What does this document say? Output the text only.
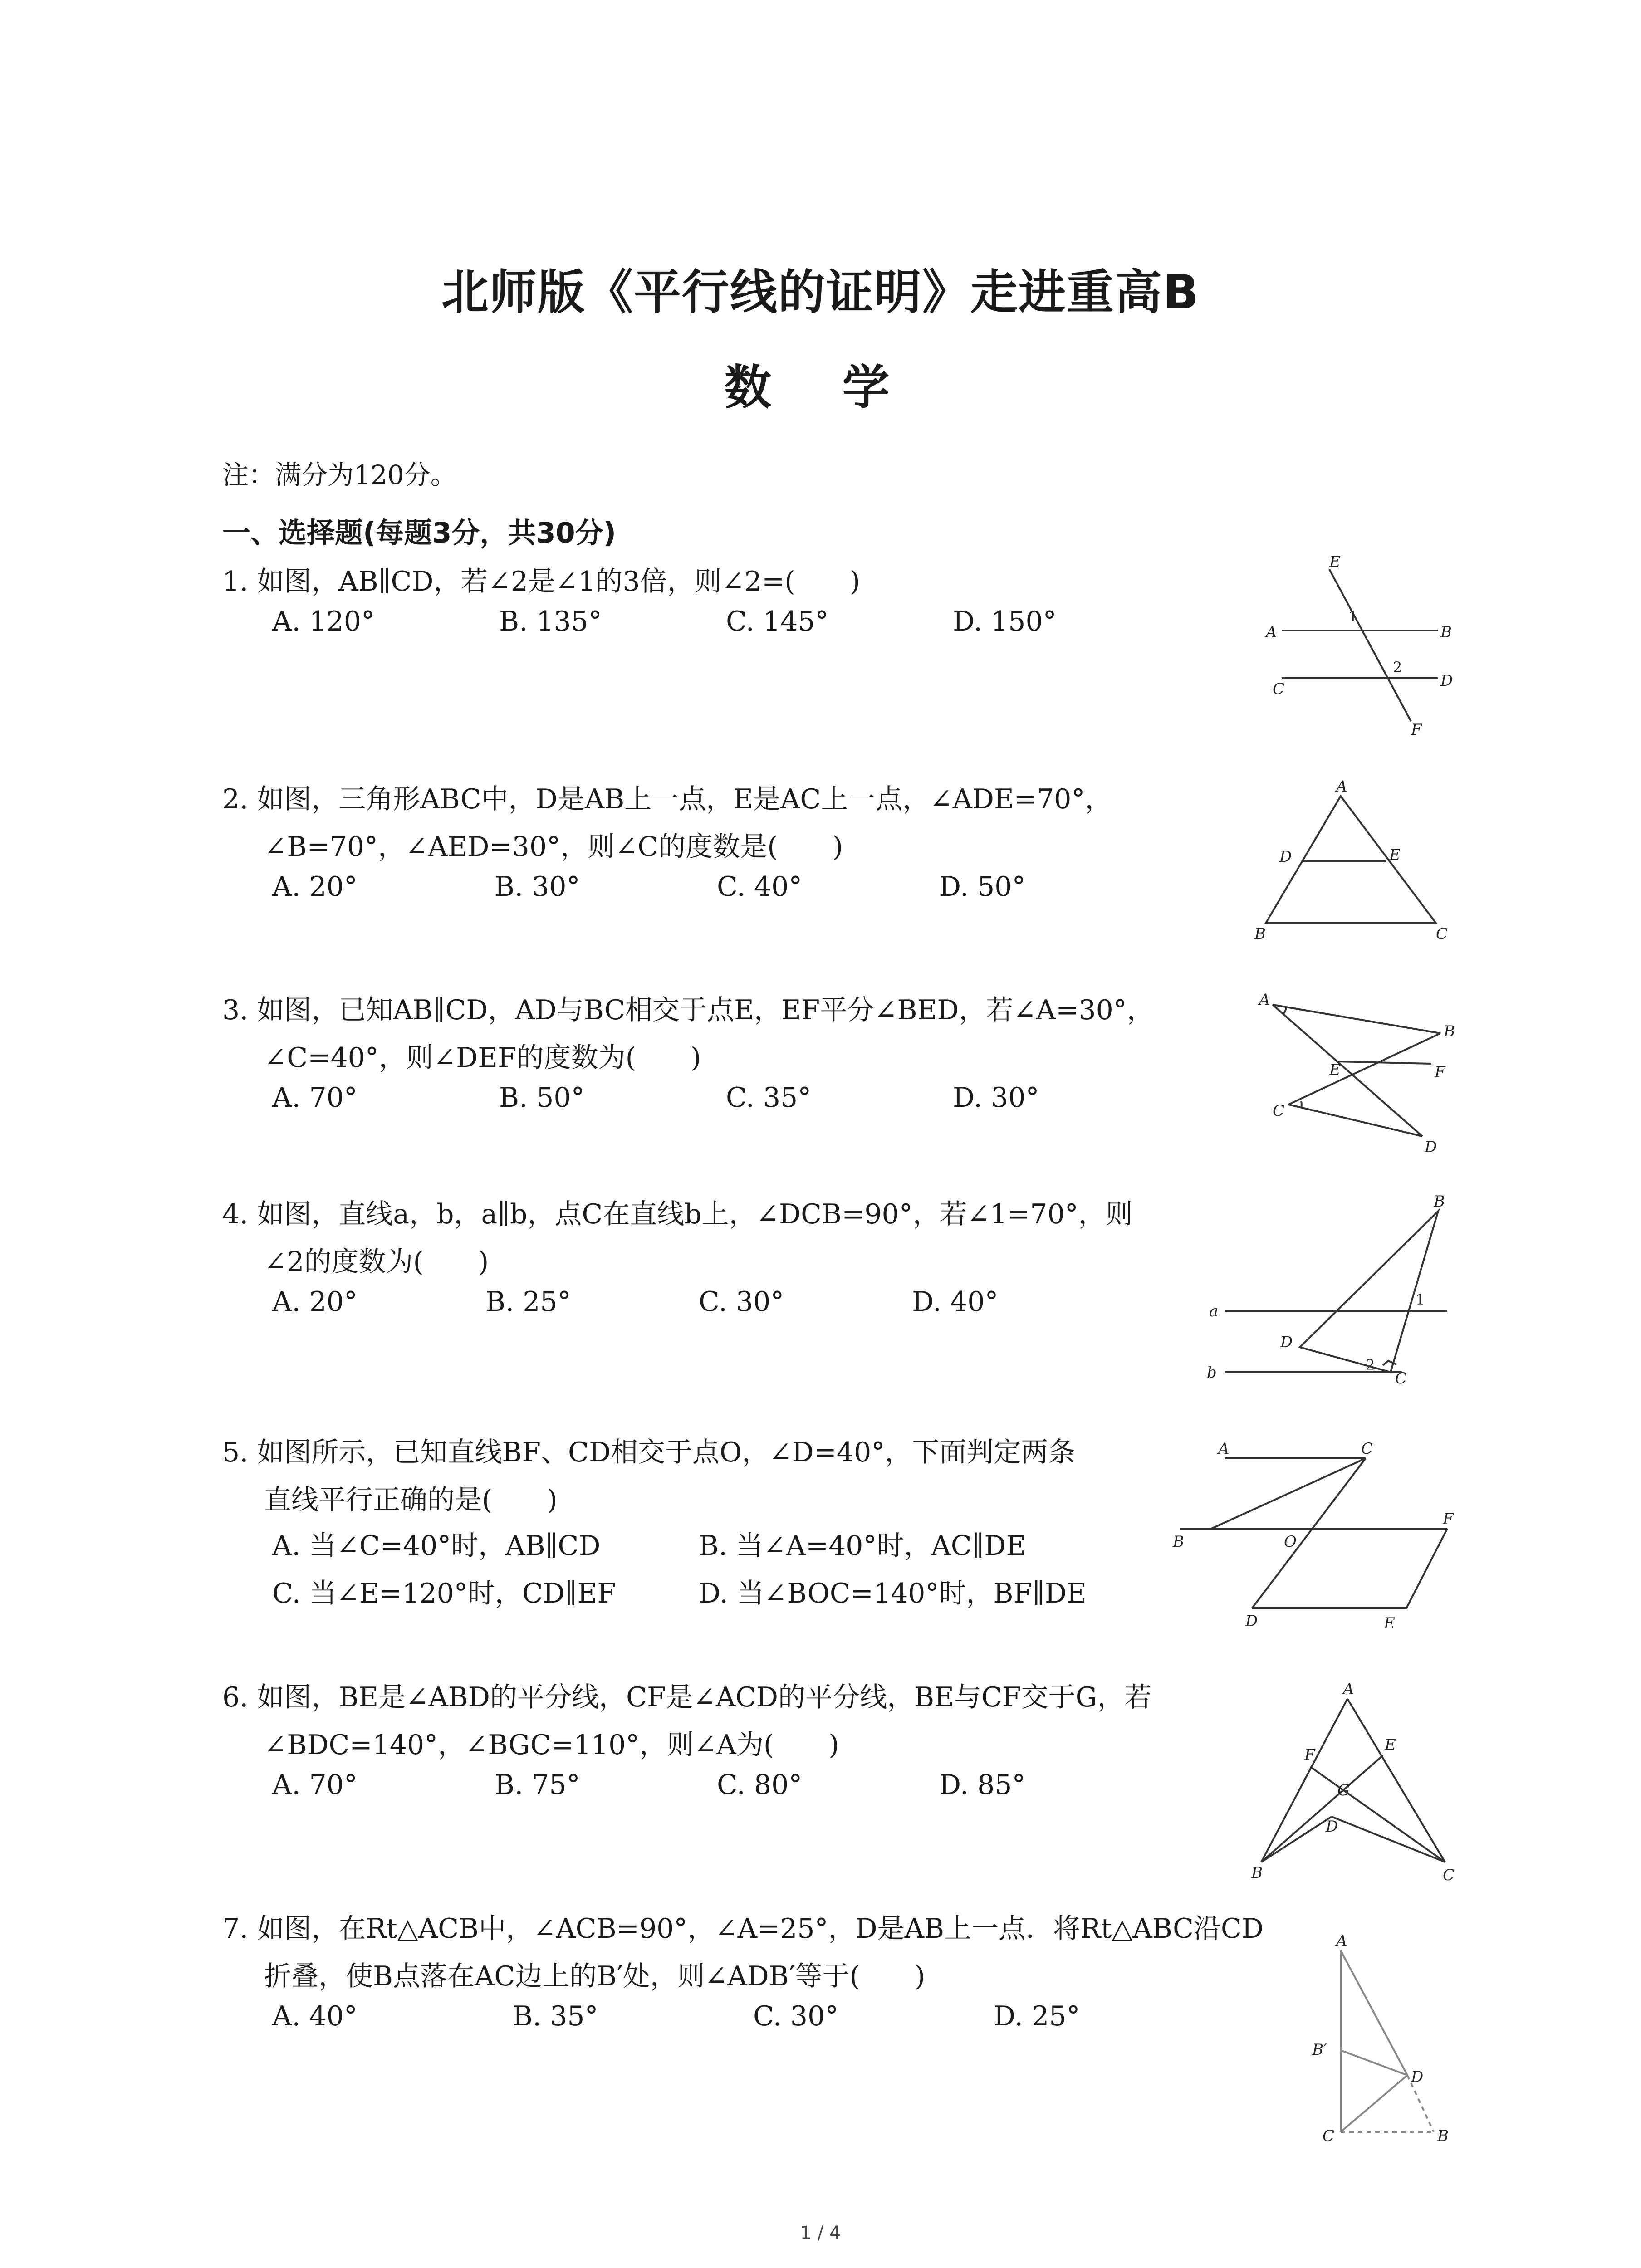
北师版《平行线的证明》走进重高B
数 学
注：满分为120分。
一、选择题(每题3分，共30分)
1. 如图，AB∥CD，若∠2是∠1的3倍，则∠2=(　　)
A. 120°	B. 135°	C. 145°	D. 150°
E
1
A	B
2
C	D
F
2. 如图，三角形ABC中，D是AB上一点，E是AC上一点，∠ADE=70°，
∠B=70°，∠AED=30°，则∠C的度数是(　　)
A. 20°	B. 30°	C. 40°	D. 50°
A
D	E
B	C
3. 如图，已知AB∥CD，AD与BC相交于点E，EF平分∠BED，若∠A=30°，
∠C=40°，则∠DEF的度数为(　　)
A. 70°	B. 50°	C. 35°	D. 30°
A
B
E	F
C
D
4. 如图，直线a，b，a∥b，点C在直线b上，∠DCB=90°，若∠1=70°，则
∠2的度数为(　　)
A. 20°	B. 25°	C. 30°	D. 40°
B
a
1
D
2
b	C
5. 如图所示，已知直线BF、CD相交于点O，∠D=40°，下面判定两条
直线平行正确的是(　　)
A. 当∠C=40°时，AB∥CD	B. 当∠A=40°时，AC∥DE
C. 当∠E=120°时，CD∥EF	D. 当∠BOC=140°时，BF∥DE
A	C
F
B	O
D	E
6. 如图，BE是∠ABD的平分线，CF是∠ACD的平分线，BE与CF交于G，若
∠BDC=140°，∠BGC=110°，则∠A为(　　)
A. 70°	B. 75°	C. 80°	D. 85°
A
F
E
G
D
B	C
7. 如图，在Rt△ACB中，∠ACB=90°，∠A=25°，D是AB上一点．将Rt△ABC沿CD
折叠，使B点落在AC边上的B′处，则∠ADB′等于(　　)
A. 40°	B. 35°	C. 30°	D. 25°
A
B′
D
C	B
1 / 4
